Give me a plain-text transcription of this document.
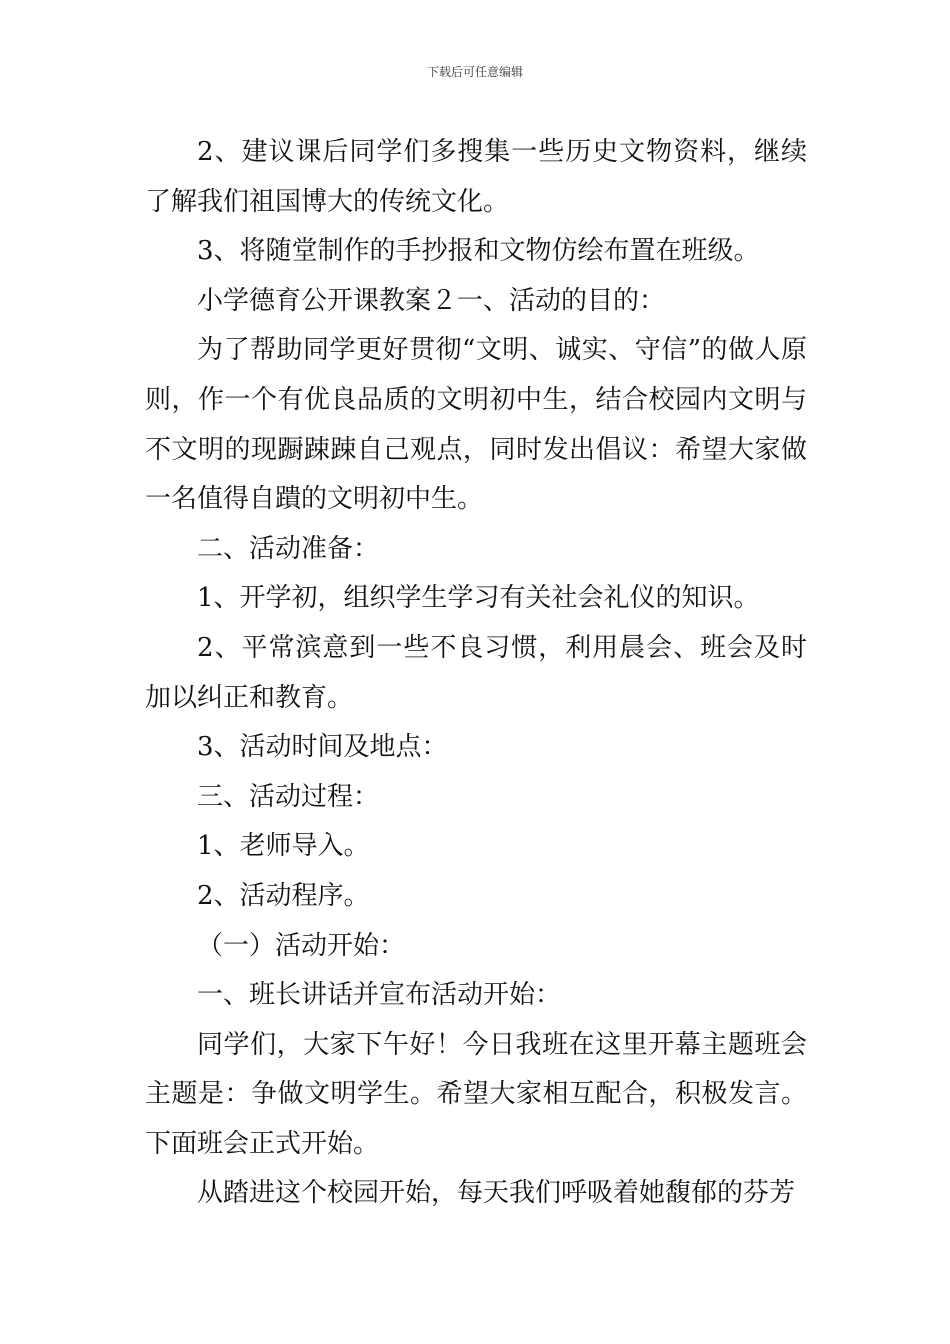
下载后可任意编辑

2、建议课后同学们多搜集一些历史文物资料，继续了解我们祖国博大的传统文化。

3、将随堂制作的手抄报和文物仿绘布置在班级。

小学德育公开课教案２一、活动的目的：

为了帮助同学更好贯彻“文明、诚实、守信”的做人原则，作一个有优良品质的文明初中生，结合校园内文明与不文明的现蹰踈踈自己观点，同时发出倡议：希望大家做一名值得自蹪的文明初中生。

二、活动准备：

1、开学初，组织学生学习有关社会礼仪的知识。

2、平常滨意到一些不良习惯，利用晨会、班会及时加以纠正和教育。

3、活动时间及地点：

三、活动过程：

1、老师导入。

2、活动程序。

（一）活动开始：

一、班长讲话并宣布活动开始：

同学们，大家下午好！今日我班在这里开幕主题班会主题是：争做文明学生。希望大家相互配合，积极发言。下面班会正式开始。

从踏进这个校园开始，每天我们呼吸着她馥郁的芬芳
